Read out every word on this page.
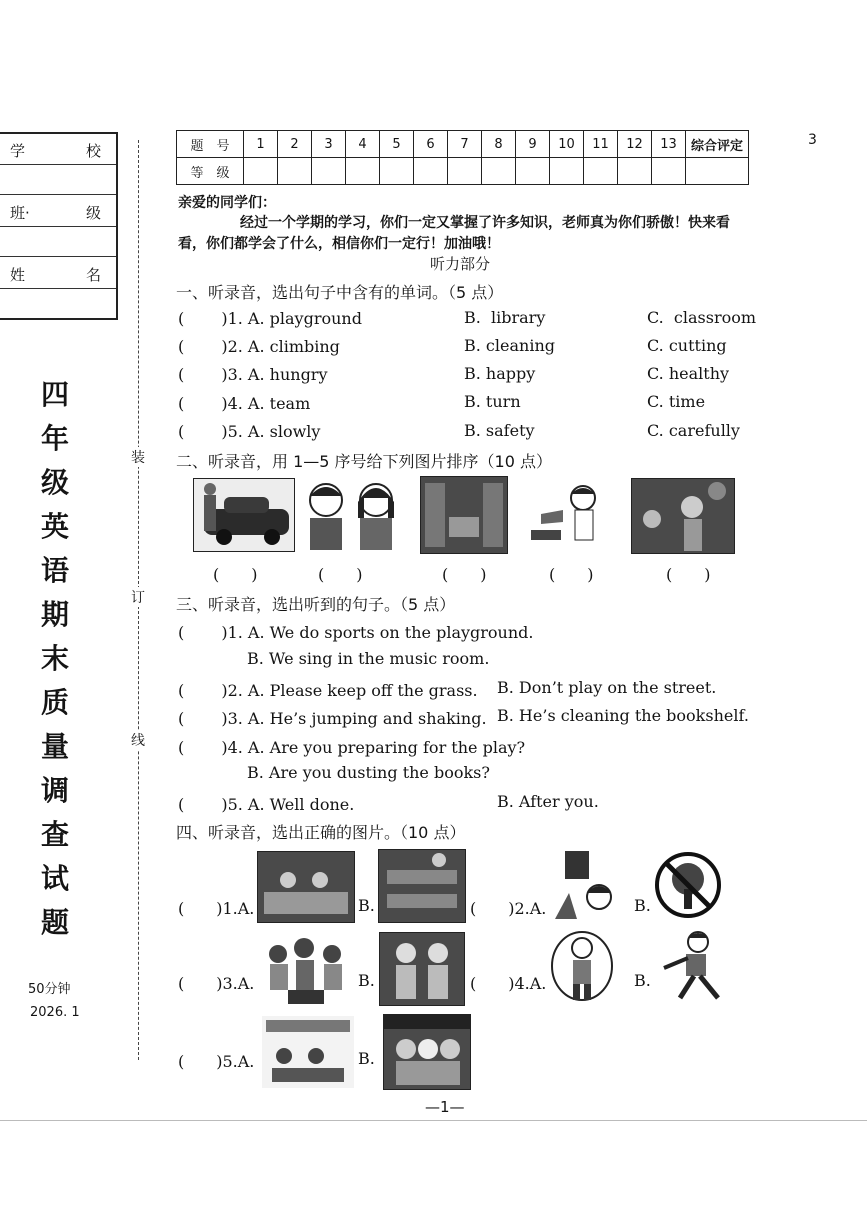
3
学	校
班·	级
姓	名
四
年
级
英
语
期
末
质
量
调
查
试
题
50分钟
2026. 1
装
订
线
题　号	1	2	3	4	5	6	7	8	9	10	11	12	13	综合评定
等　级														
亲爱的同学们：
经过一个学期的学习，你们一定又掌握了许多知识，老师真为你们骄傲！快来看
看，你们都学会了什么，相信你们一定行！加油哦！
听力部分
一、听录音，选出句子中含有的单词。（5 点）
( 　　)1. A. playground	B.  library	C.  classroom
( 　　)2. A. climbing	B. cleaning	C. cutting
( 　　)3. A. hungry	B. happy	C. healthy
( 　　)4. A. team	B. turn	C. time
( 　　)5. A. slowly	B. safety	C. carefully
二、听录音，用 1—5 序号给下列图片排序（10 点）
(　　)	(　　)	(　　)	(　　)	(　　)
三、听录音，选出听到的句子。（5 点）
( 　　)1. A. We do sports on the playground.
B. We sing in the music room.
( 　　)2. A. Please keep off the grass. B. Don’t play on the street.
( 　　)3. A. He’s jumping and shaking. B. He’s cleaning the bookshelf.
( 　　)4. A. Are you preparing for the play?
B. Are you dusting the books?
( 　　)5. A. Well done.	B. After you.
四、听录音，选出正确的图片。（10 点）
(　　)1.A.	B.	(　　)2.A.	B.
(　　)3.A.	B.	(　　)4.A.	B.
(　　)5.A.	B.
—1—
